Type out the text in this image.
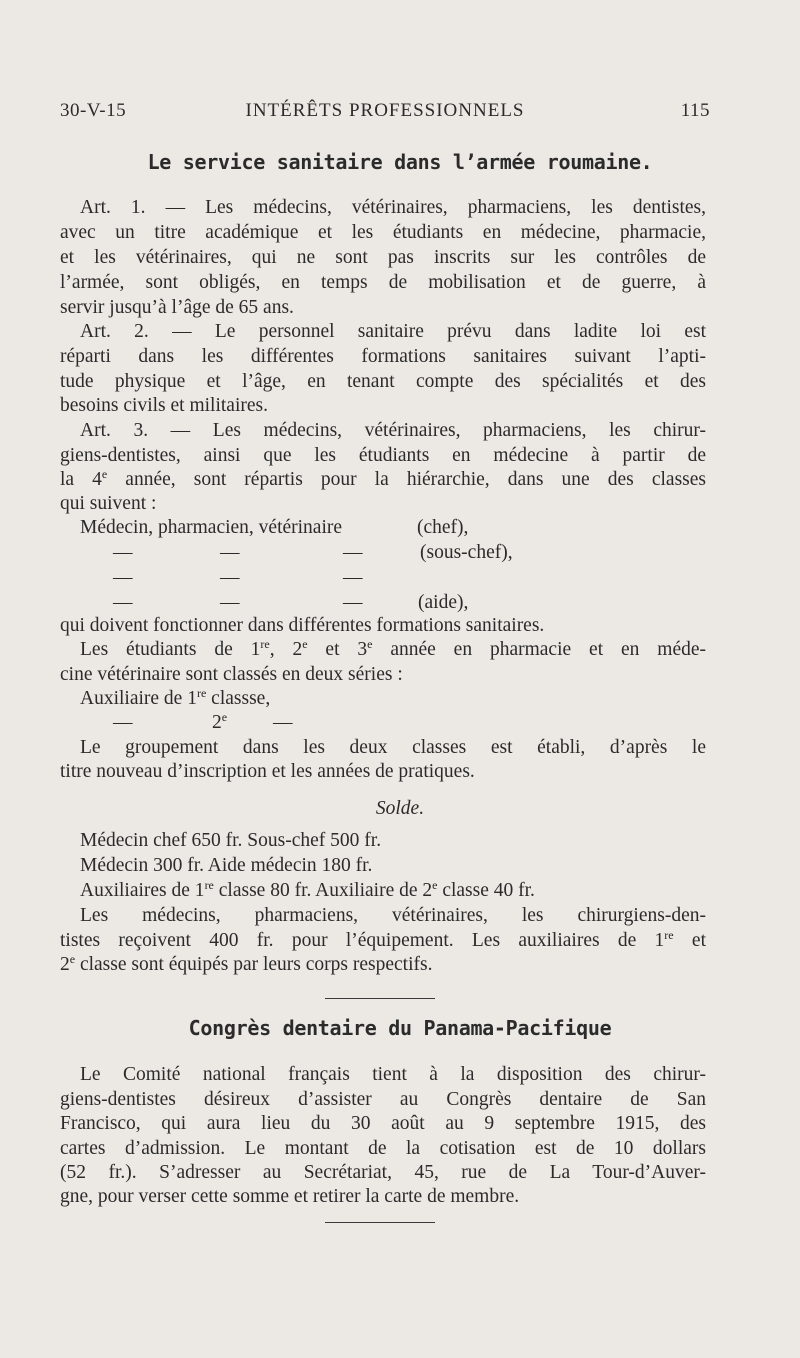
30-V-15	INTÉRÊTS PROFESSIONNELS	115
Le service sanitaire dans l’armée roumaine.
Art. 1. — Les médecins, vétérinaires, pharmaciens, les dentistes,
avec un titre académique et les étudiants en médecine, pharmacie,
et les vétérinaires, qui ne sont pas inscrits sur les contrôles de
l’armée, sont obligés, en temps de mobilisation et de guerre, à
servir jusqu’à l’âge de 65 ans.
Art. 2. — Le personnel sanitaire prévu dans ladite loi est
réparti dans les différentes formations sanitaires suivant l’apti-
tude physique et l’âge, en tenant compte des spécialités et des
besoins civils et militaires.
Art. 3. — Les médecins, vétérinaires, pharmaciens, les chirur-
giens-dentistes, ainsi que les étudiants en médecine à partir de
la 4e année, sont répartis pour la hiérarchie, dans une des classes
qui suivent :
Médecin, pharmacien, vétérinaire	(chef),
—	—	—	(sous-chef),
—	—	—
—	—	—	(aide),
qui doivent fonctionner dans différentes formations sanitaires.
Les étudiants de 1re, 2e et 3e année en pharmacie et en méde-
cine vétérinaire sont classés en deux séries :
Auxiliaire de 1re classse,
—	2e —
Le groupement dans les deux classes est établi, d’après le
titre nouveau d’inscription et les années de pratiques.
Solde.
Médecin chef 650 fr. Sous-chef 500 fr.
Médecin 300 fr. Aide médecin 180 fr.
Auxiliaires de 1re classe 80 fr. Auxiliaire de 2e classe 40 fr.
Les médecins, pharmaciens, vétérinaires, les chirurgiens-den-
tistes reçoivent 400 fr. pour l’équipement. Les auxiliaires de 1re et
2e classe sont équipés par leurs corps respectifs.
Congrès dentaire du Panama-Pacifique
Le Comité national français tient à la disposition des chirur-
giens-dentistes désireux d’assister au Congrès dentaire de San
Francisco, qui aura lieu du 30 août au 9 septembre 1915, des
cartes d’admission. Le montant de la cotisation est de 10 dollars
(52 fr.). S’adresser au Secrétariat, 45, rue de La Tour-d’Auver-
gne, pour verser cette somme et retirer la carte de membre.
